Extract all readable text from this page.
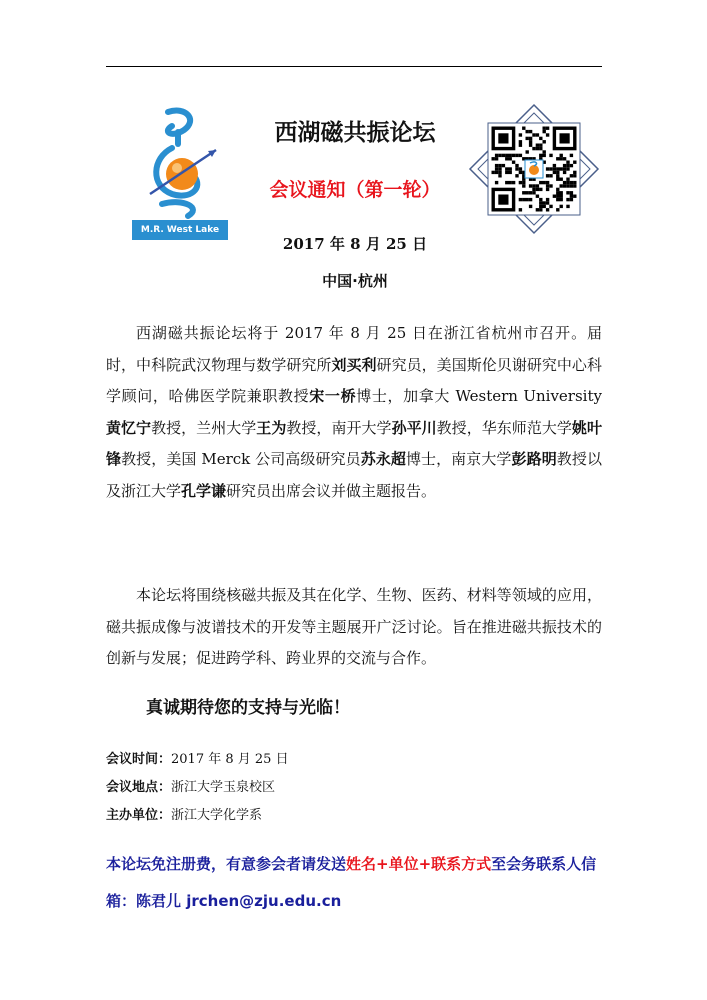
M.R. West Lake
西湖磁共振论坛
会议通知（第一轮）
2017 年 8 月 25 日
中国·杭州

西湖磁共振论坛将于 2017 年 8 月 25 日在浙江省杭州市召开。届时，中科院武汉物理与数学研究所刘买利研究员，美国斯伦贝谢研究中心科学顾问，哈佛医学院兼职教授宋一桥博士，加拿大 Western University 黄忆宁教授，兰州大学王为教授，南开大学孙平川教授，华东师范大学姚叶锋教授，美国 Merck 公司高级研究员苏永超博士，南京大学彭路明教授以及浙江大学孔学谦研究员出席会议并做主题报告。

本论坛将围绕核磁共振及其在化学、生物、医药、材料等领域的应用，磁共振成像与波谱技术的开发等主题展开广泛讨论。旨在推进磁共振技术的创新与发展；促进跨学科、跨业界的交流与合作。

真诚期待您的支持与光临！
会议时间：2017 年 8 月 25 日
会议地点：浙江大学玉泉校区
主办单位：浙江大学化学系

本论坛免注册费，有意参会者请发送姓名+单位+联系方式至会务联系人信箱：陈君儿 jrchen@zju.edu.cn
